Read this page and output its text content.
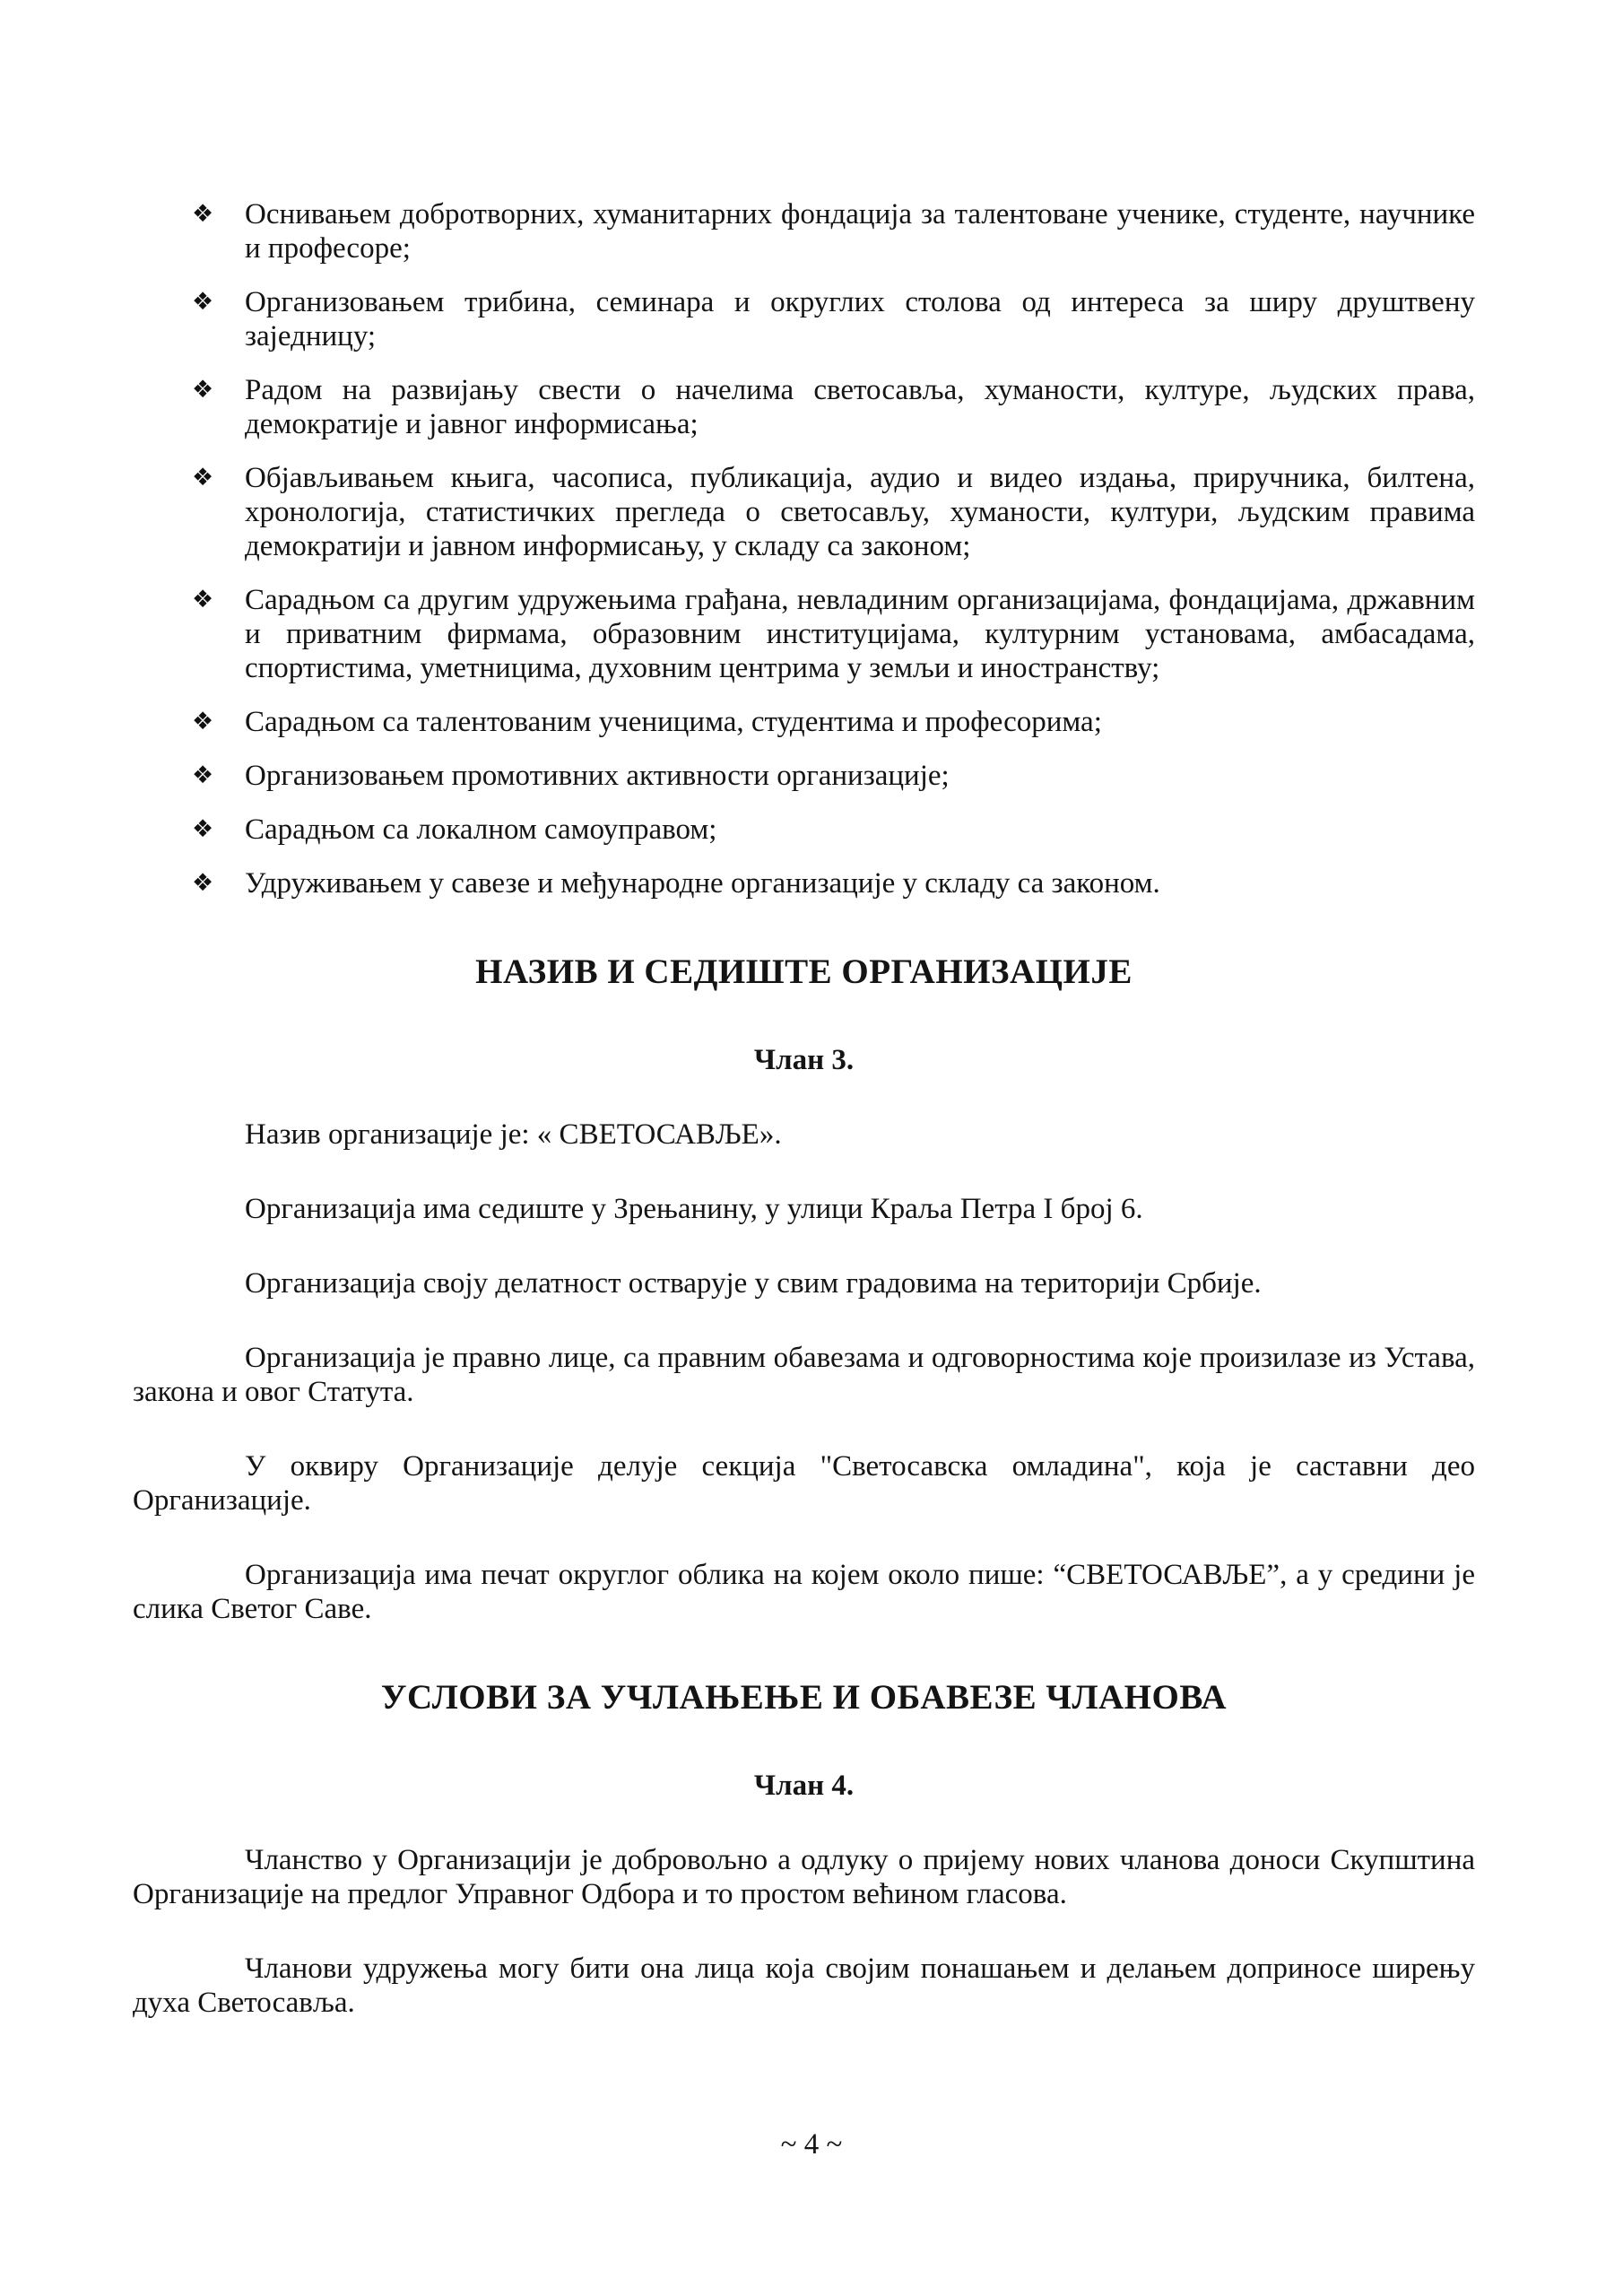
❖ Оснивањем добротворних, хуманитарних фондација за талентоване ученике, студенте, научнике и професоре;
❖ Организовањем трибина, семинара и округлих столова од интереса за ширу друштвену заједницу;
❖ Радом на развијању свести о начелима светосавља, хуманости, културе, људских права, демократије и јавног информисања;
❖ Објављивањем књига, часописа, публикација, аудио и видео издања, приручника, билтена, хронологија, статистичких прегледа о светосављу, хуманости, култури, људским правима демократији и јавном информисању, у складу са законом;
❖ Сарадњом са другим удружењима грађана, невладиним организацијама, фондацијама, државним и приватним фирмама, образовним институцијама, културним установама, амбасадама, спортистима, уметницима, духовним центрима у земљи и иностранству;
❖ Сарадњом са талентованим ученицима, студентима и професорима;
❖ Организовањем промотивних активности организације;
❖ Сарадњом са локалном самоуправом;
❖ Удруживањем у савезе и међународне организације у складу са законом.
НАЗИВ И СЕДИШТЕ ОРГАНИЗАЦИЈЕ

Члан 3.

Назив организације је: « СВЕТОСАВЉЕ».

Организација има седиште у Зрењанину, у улици Краља Петра I број 6.

Организација своју делатност остварује у свим градовима на територији Србије.

Организација је правно лице, са правним обавезама и одговорностима које произилазе из Устава, закона и овог Статута.

У оквиру Организације делује секција "Светосавска омладина", која је саставни део Организације.

Организација има печат округлог облика на којем около пише: “СВЕТОСАВЉЕ”, а у средини је слика Светог Саве.

УСЛОВИ ЗА УЧЛАЊЕЊЕ И ОБАВЕЗЕ ЧЛАНОВА

Члан 4.

Чланство у Организацији је добровољно а одлуку о пријему нових чланова доноси Скупштина Организације на предлог Управног Одбора и то простом већином гласова.

Чланови удружења могу бити она лица која својим понашањем и делањем доприносе ширењу духа Светосавља.

~ 4 ~
